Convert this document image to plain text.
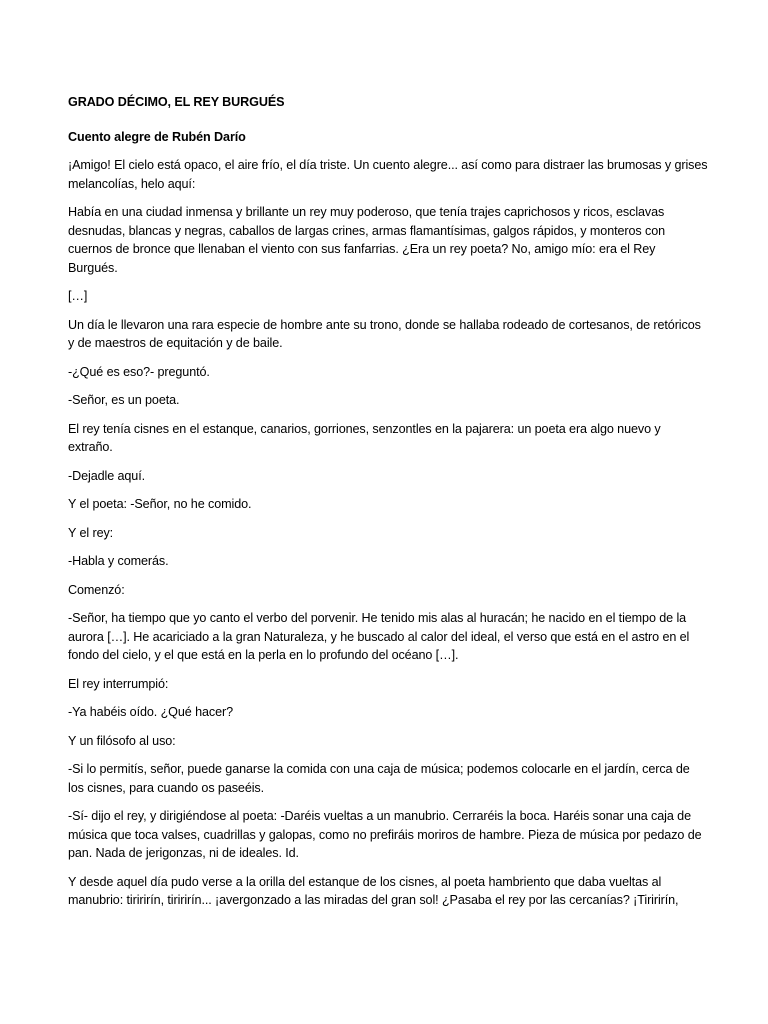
GRADO DÉCIMO, EL REY BURGUÉS

Cuento alegre de Rubén Darío

¡Amigo! El cielo está opaco, el aire frío, el día triste. Un cuento alegre... así como para distraer las brumosas y grises melancolías, helo aquí:

Había en una ciudad inmensa y brillante un rey muy poderoso, que tenía trajes caprichosos y ricos, esclavas desnudas, blancas y negras, caballos de largas crines, armas flamantísimas, galgos rápidos, y monteros con cuernos de bronce que llenaban el viento con sus fanfarrias. ¿Era un rey poeta? No, amigo mío: era el Rey Burgués.

[…]

Un día le llevaron una rara especie de hombre ante su trono, donde se hallaba rodeado de cortesanos, de retóricos y de maestros de equitación y de baile.

-¿Qué es eso?- preguntó.

-Señor, es un poeta.

El rey tenía cisnes en el estanque, canarios, gorriones, senzontles en la pajarera: un poeta era algo nuevo y extraño.

-Dejadle aquí.

Y el poeta: -Señor, no he comido.

Y el rey:

-Habla y comerás.

Comenzó:

-Señor, ha tiempo que yo canto el verbo del porvenir. He tenido mis alas al huracán; he nacido en el tiempo de la aurora […]. He acariciado a la gran Naturaleza, y he buscado al calor del ideal, el verso que está en el astro en el fondo del cielo, y el que está en la perla en lo profundo del océano […].

El rey interrumpió:

-Ya habéis oído. ¿Qué hacer?

Y un filósofo al uso:

-Si lo permitís, señor, puede ganarse la comida con una caja de música; podemos colocarle en el jardín, cerca de los cisnes, para cuando os paseéis.

-Sí- dijo el rey, y dirigiéndose al poeta: -Daréis vueltas a un manubrio. Cerraréis la boca. Haréis sonar una caja de música que toca valses, cuadrillas y galopas, como no prefiráis moriros de hambre. Pieza de música por pedazo de pan. Nada de jerigonzas, ni de ideales. Id.

Y desde aquel día pudo verse a la orilla del estanque de los cisnes, al poeta hambriento que daba vueltas al manubrio: tiririrín, tiririrín... ¡avergonzado a las miradas del gran sol! ¿Pasaba el rey por las cercanías? ¡Tiririrín,
